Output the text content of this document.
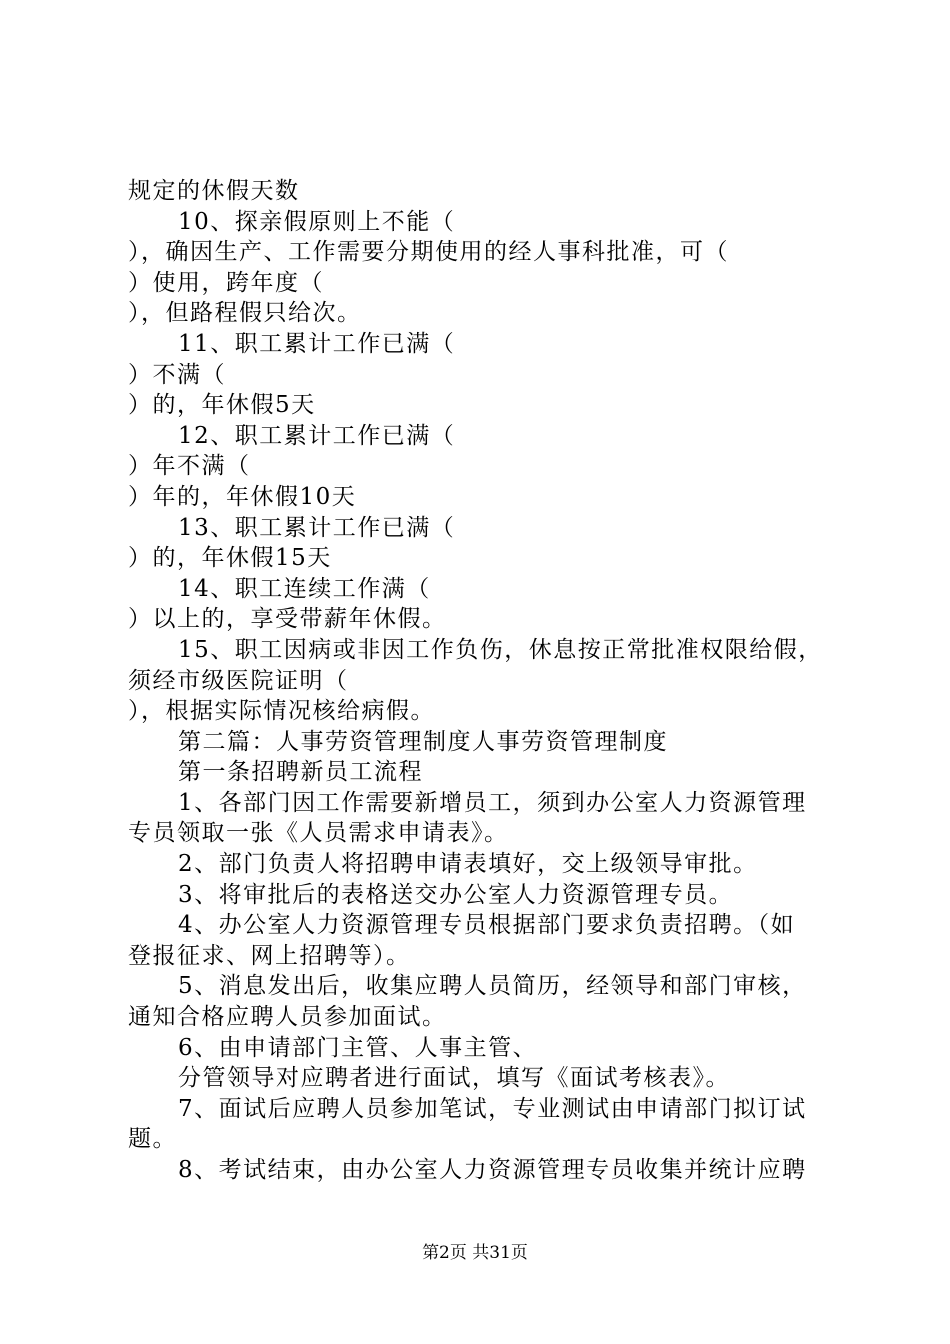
规定的休假天数
10、探亲假原则上不能（
），确因生产、工作需要分期使用的经人事科批准，可（
）使用，跨年度（
），但路程假只给次。
11、职工累计工作已满（
）不满（
）的，年休假5天
12、职工累计工作已满（
）年不满（
）年的，年休假10天
13、职工累计工作已满（
）的，年休假15天
14、职工连续工作满（
）以上的，享受带薪年休假。
15、职工因病或非因工作负伤，休息按正常批准权限给假，
须经市级医院证明（
），根据实际情况核给病假。
第二篇：人事劳资管理制度人事劳资管理制度
第一条招聘新员工流程
1、各部门因工作需要新增员工，须到办公室人力资源管理
专员领取一张《人员需求申请表》。
2、部门负责人将招聘申请表填好，交上级领导审批。
3、将审批后的表格送交办公室人力资源管理专员。
4、办公室人力资源管理专员根据部门要求负责招聘。（如
登报征求、网上招聘等）。
5、消息发出后，收集应聘人员简历，经领导和部门审核，
通知合格应聘人员参加面试。
6、由申请部门主管、人事主管、
分管领导对应聘者进行面试，填写《面试考核表》。
7、面试后应聘人员参加笔试，专业测试由申请部门拟订试
题。
8、考试结束，由办公室人力资源管理专员收集并统计应聘
第2页 共31页
